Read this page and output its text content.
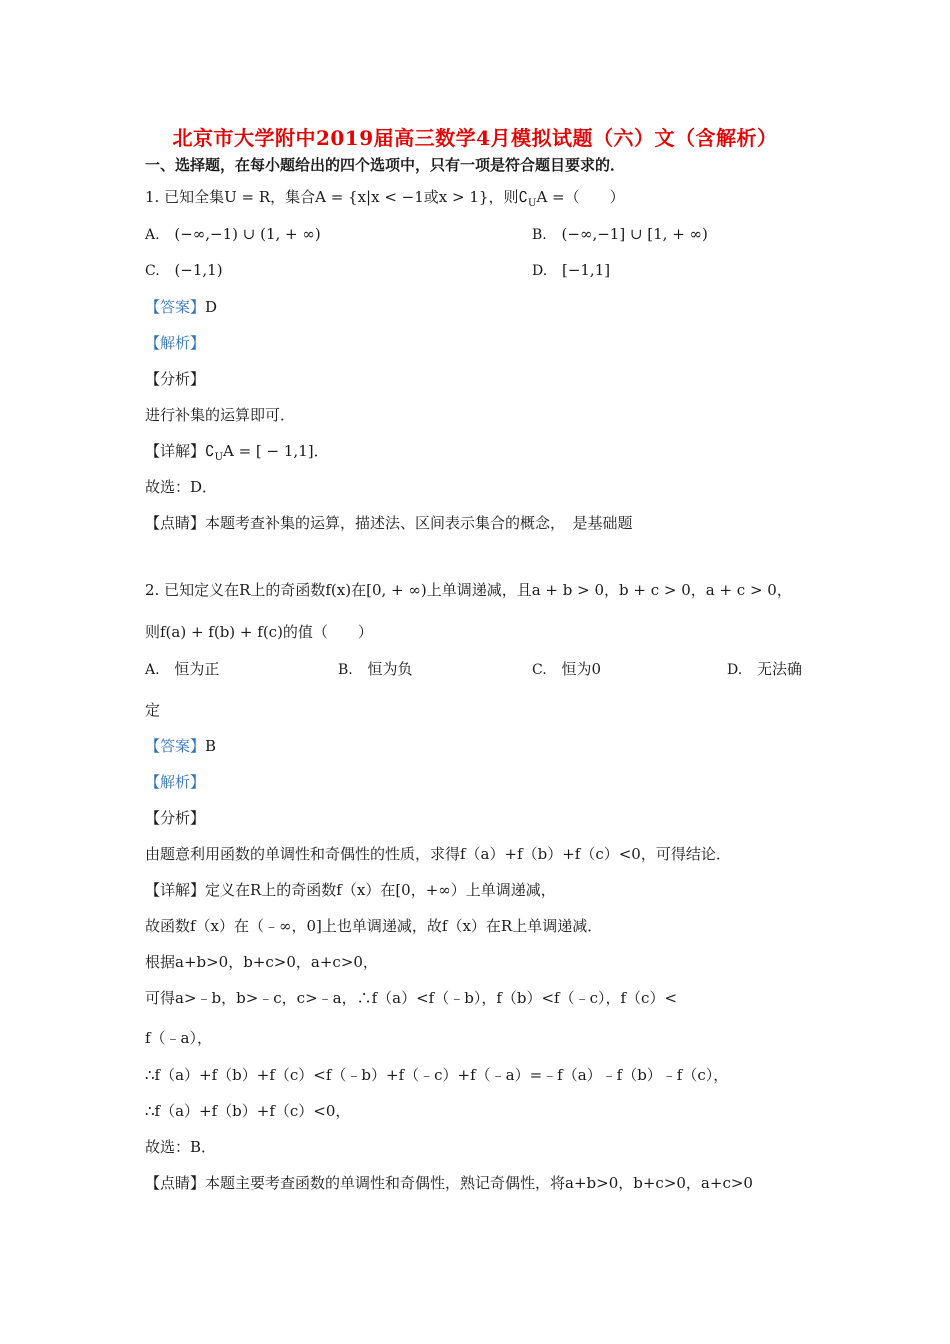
北京市大学附中2019届高三数学4月模拟试题（六）文（含解析）
一、选择题，在每小题给出的四个选项中，只有一项是符合题目要求的．
1. 已知全集U = R，集合A = {x|x < −1或x > 1}，则$∁_UA$ =（　　）
A. (−∞,−1) ∪ (1, + ∞)	B. (−∞,−1] ∪ [1, + ∞)
C. (−1,1)	D. [−1,1]
【答案】D
【解析】
【分析】
进行补集的运算即可．
【详解】$∁_UA$ = [ − 1,1]．
故选：D．
【点睛】本题考查补集的运算，描述法、区间表示集合的概念，　是基础题
2. 已知定义在R上的奇函数f(x)在[0, + ∞)上单调递减，且a + b > 0，b + c > 0，a + c > 0，
则f(a) + f(b) + f(c)的值（　　）
A. 恒为正	B. 恒为负	C. 恒为0	D. 无法确
定
【答案】B
【解析】
【分析】
由题意利用函数的单调性和奇偶性的性质，求得f（a）+f（b）+f（c）<0，可得结论．
【详解】定义在R上的奇函数f（x）在[0，+∞）上单调递减，
故函数f（x）在（﹣∞，0]上也单调递减，故f（x）在R上单调递减．
根据a+b>0，b+c>0，a+c>0，
可得a>﹣b，b>﹣c，c>﹣a，∴f（a）<f（﹣b），f（b）<f（﹣c），f（c）<
f（﹣a），
∴f（a）+f（b）+f（c）<f（﹣b）+f（﹣c）+f（﹣a）=﹣f（a）﹣f（b）﹣f（c），
∴f（a）+f（b）+f（c）<0，
故选：B．
【点睛】本题主要考查函数的单调性和奇偶性，熟记奇偶性，将a+b>0，b+c>0，a+c>0
